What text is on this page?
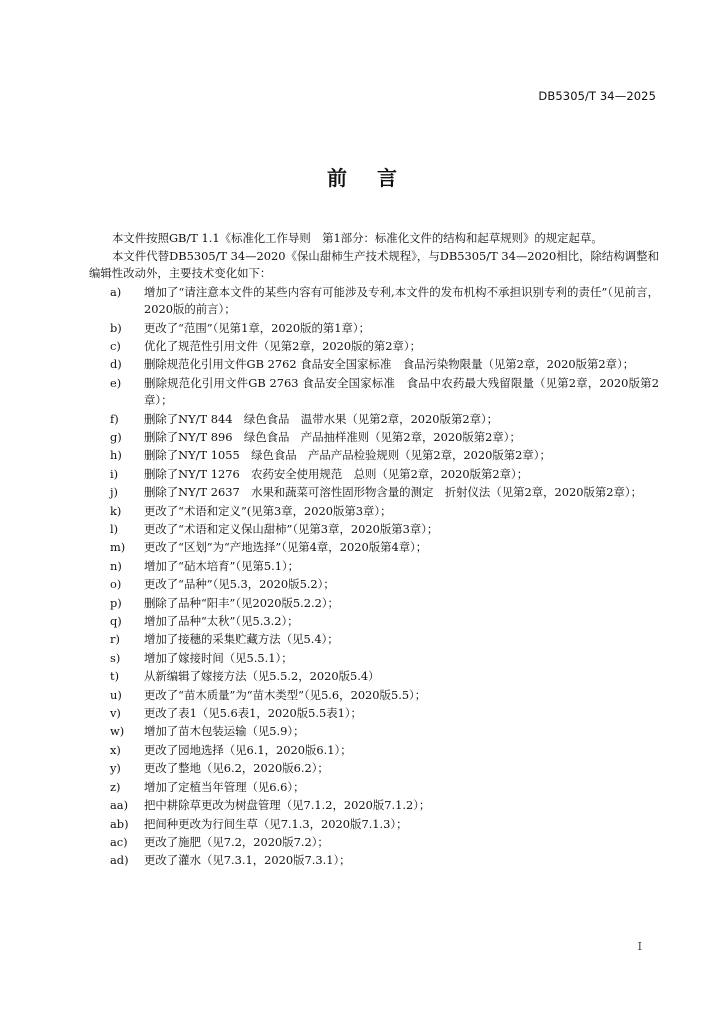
DB5305/T 34—2025
前言

本文件按照GB/T 1.1《标准化工作导则　第1部分：标准化文件的结构和起草规则》的规定起草。

本文件代替DB5305/T 34—2020《保山甜柿生产技术规程》，与DB5305/T 34—2020相比，除结构调整和编辑性改动外，主要技术变化如下：

a)	增加了“请注意本文件的某些内容有可能涉及专利,本文件的发布机构不承担识别专利的责任”（见前言，2020版的前言）；
b)	更改了“范围”（见第1章，2020版的第1章）；
c)	优化了规范性引用文件（见第2章，2020版的第2章）；
d)	删除规范化引用文件GB 2762 食品安全国家标准　食品污染物限量（见第2章，2020版第2章）；
e)	删除规范化引用文件GB 2763 食品安全国家标准　食品中农药最大残留限量（见第2章，2020版第2章）；
f)	删除了NY/T 844　绿色食品　温带水果（见第2章，2020版第2章）；
g)	删除了NY/T 896　绿色食品　产品抽样准则（见第2章，2020版第2章）；
h)	删除了NY/T 1055　绿色食品　产品产品检验规则（见第2章，2020版第2章）；
i)	删除了NY/T 1276　农药安全使用规范　总则（见第2章，2020版第2章）；
j)	删除了NY/T 2637　水果和蔬菜可溶性固形物含量的测定　折射仪法（见第2章，2020版第2章）；
k)	更改了“术语和定义”(见第3章，2020版第3章）；
l)	更改了“术语和定义保山甜柿”（见第3章，2020版第3章）；
m)	更改了“区划”为“产地选择”（见第4章，2020版第4章）；
n)	增加了“砧木培育”（见第5.1）；
o)	更改了“品种”（见5.3，2020版5.2）；
p)	删除了品种“阳丰”（见2020版5.2.2）；
q)	增加了品种“太秋”（见5.3.2）；
r)	增加了接穗的采集贮藏方法（见5.4）；
s)	增加了嫁接时间（见5.5.1）；
t)	从新编辑了嫁接方法（见5.5.2，2020版5.4）
u)	更改了“苗木质量”为“苗木类型”（见5.6，2020版5.5）；
v)	更改了表1（见5.6表1，2020版5.5表1）；
w)	增加了苗木包装运输（见5.9）；
x)	更改了园地选择（见6.1，2020版6.1）；
y)	更改了整地（见6.2，2020版6.2）；
z)	增加了定植当年管理（见6.6）；
aa)	把中耕除草更改为树盘管理（见7.1.2，2020版7.1.2）；
ab)	把间种更改为行间生草（见7.1.3，2020版7.1.3）；
ac)	更改了施肥（见7.2，2020版7.2）；
ad)	更改了灌水（见7.3.1，2020版7.3.1）；
I
